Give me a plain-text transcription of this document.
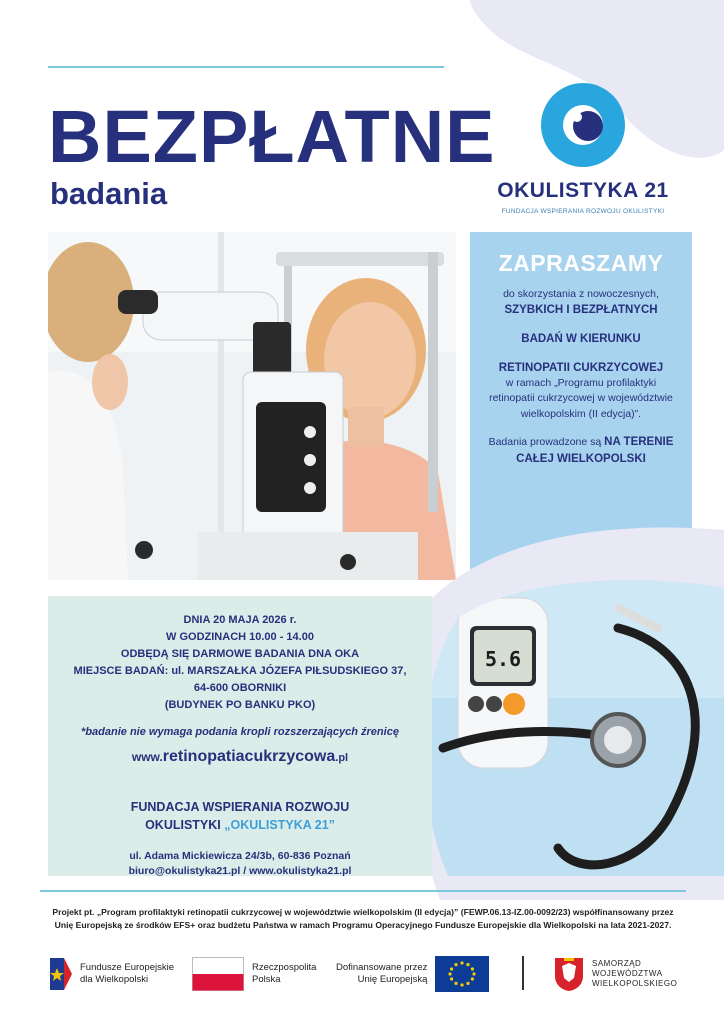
BEZPŁATNE
badania	OKULISTYKA 21
FUNDACJA WSPIERANIA ROZWOJU OKULISTYKI
ZAPRASZAMY
do skorzystania z nowoczesnych,
SZYBKICH I BEZPŁATNYCH
BADAŃ W KIERUNKU
RETINOPATII CUKRZYCOWEJ
w ramach „Programu profilaktyki
retinopatii cukrzycowej w województwie
wielkopolskim (II edycja)”.
Badania prowadzone są NA TERENIE
CAŁEJ WIELKOPOLSKI
5.6
DNIA 20 MAJA 2026 r.
W GODZINACH 10.00 - 14.00
ODBĘDĄ SIĘ DARMOWE BADANIA DNA OKA
MIEJSCE BADAŃ: ul. MARSZAŁKA JÓZEFA PIŁSUDSKIEGO 37,
64-600 OBORNIKI
(BUDYNEK PO BANKU PKO)
*badanie nie wymaga podania kropli rozszerzających źrenicę
www.retinopatiacukrzycowa.pl
FUNDACJA WSPIERANIA ROZWOJU
OKULISTYKI „OKULISTYKA 21”
ul. Adama Mickiewicza 24/3b, 60-836 Poznań
biuro@okulistyka21.pl / www.okulistyka21.pl
Projekt pt. „Program profilaktyki retinopatii cukrzycowej w województwie wielkopolskim (II edycja)” (FEWP.06.13-IZ.00-0092/23) współfinansowany przez
Unię Europejską ze środków EFS+ oraz budżetu Państwa w ramach Programu Operacyjnego Fundusze Europejskie dla Wielkopolski na lata 2021-2027.
Fundusze Europejskie
dla Wielkopolski
Rzeczpospolita
Polska
Dofinansowane przez
Unię Europejską
SAMORZĄD
WOJEWÓDZTWA
WIELKOPOLSKIEGO
